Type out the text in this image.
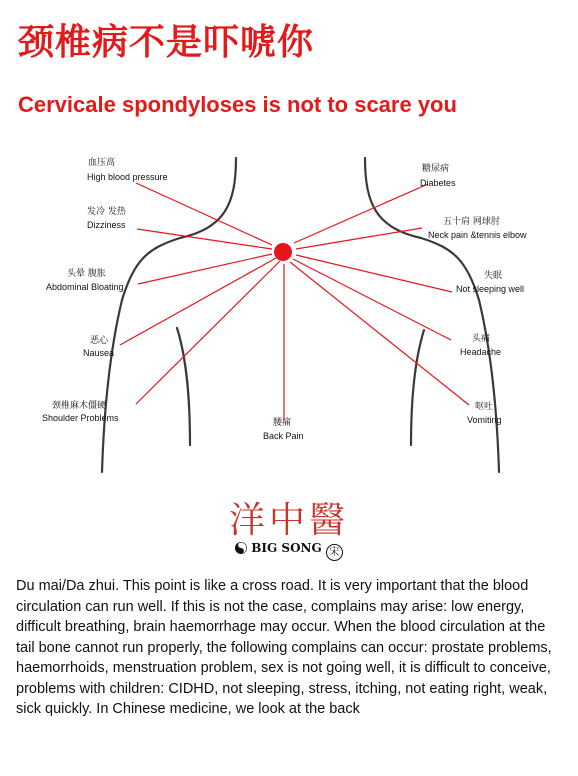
颈椎病不是吓唬你
Cervicale spondyloses is not to scare you
血压高
High blood pressure
发冷 发热
Dizziness
头晕 腹胀
Abdominal Bloating
恶心
Nausea
颈椎麻木僵硬
Shoulder Problems
糖尿病
Diabetes
五十肩 网球肘
Neck pain &tennis elbow
失眠
Not sleeping well
头痛
Headache
呕吐
Vomiting
腰痛
Back Pain
洋中醫
BIG SONG 宋

Du mai/Da zhui. This point is like a cross road. It is very important that the blood circulation can run well. If this is not the case, complains may arise: low energy, difficult breathing, brain haemorrhage may occur. When the blood circulation at the tail bone cannot run properly, the following complains can occur: prostate problems, haemorrhoids, menstruation problem, sex is not going well, it is difficult to conceive, problems with children: CIDHD, not sleeping, stress, itching, not eating right, weak, sick quickly. In Chinese medicine, we look at the back
